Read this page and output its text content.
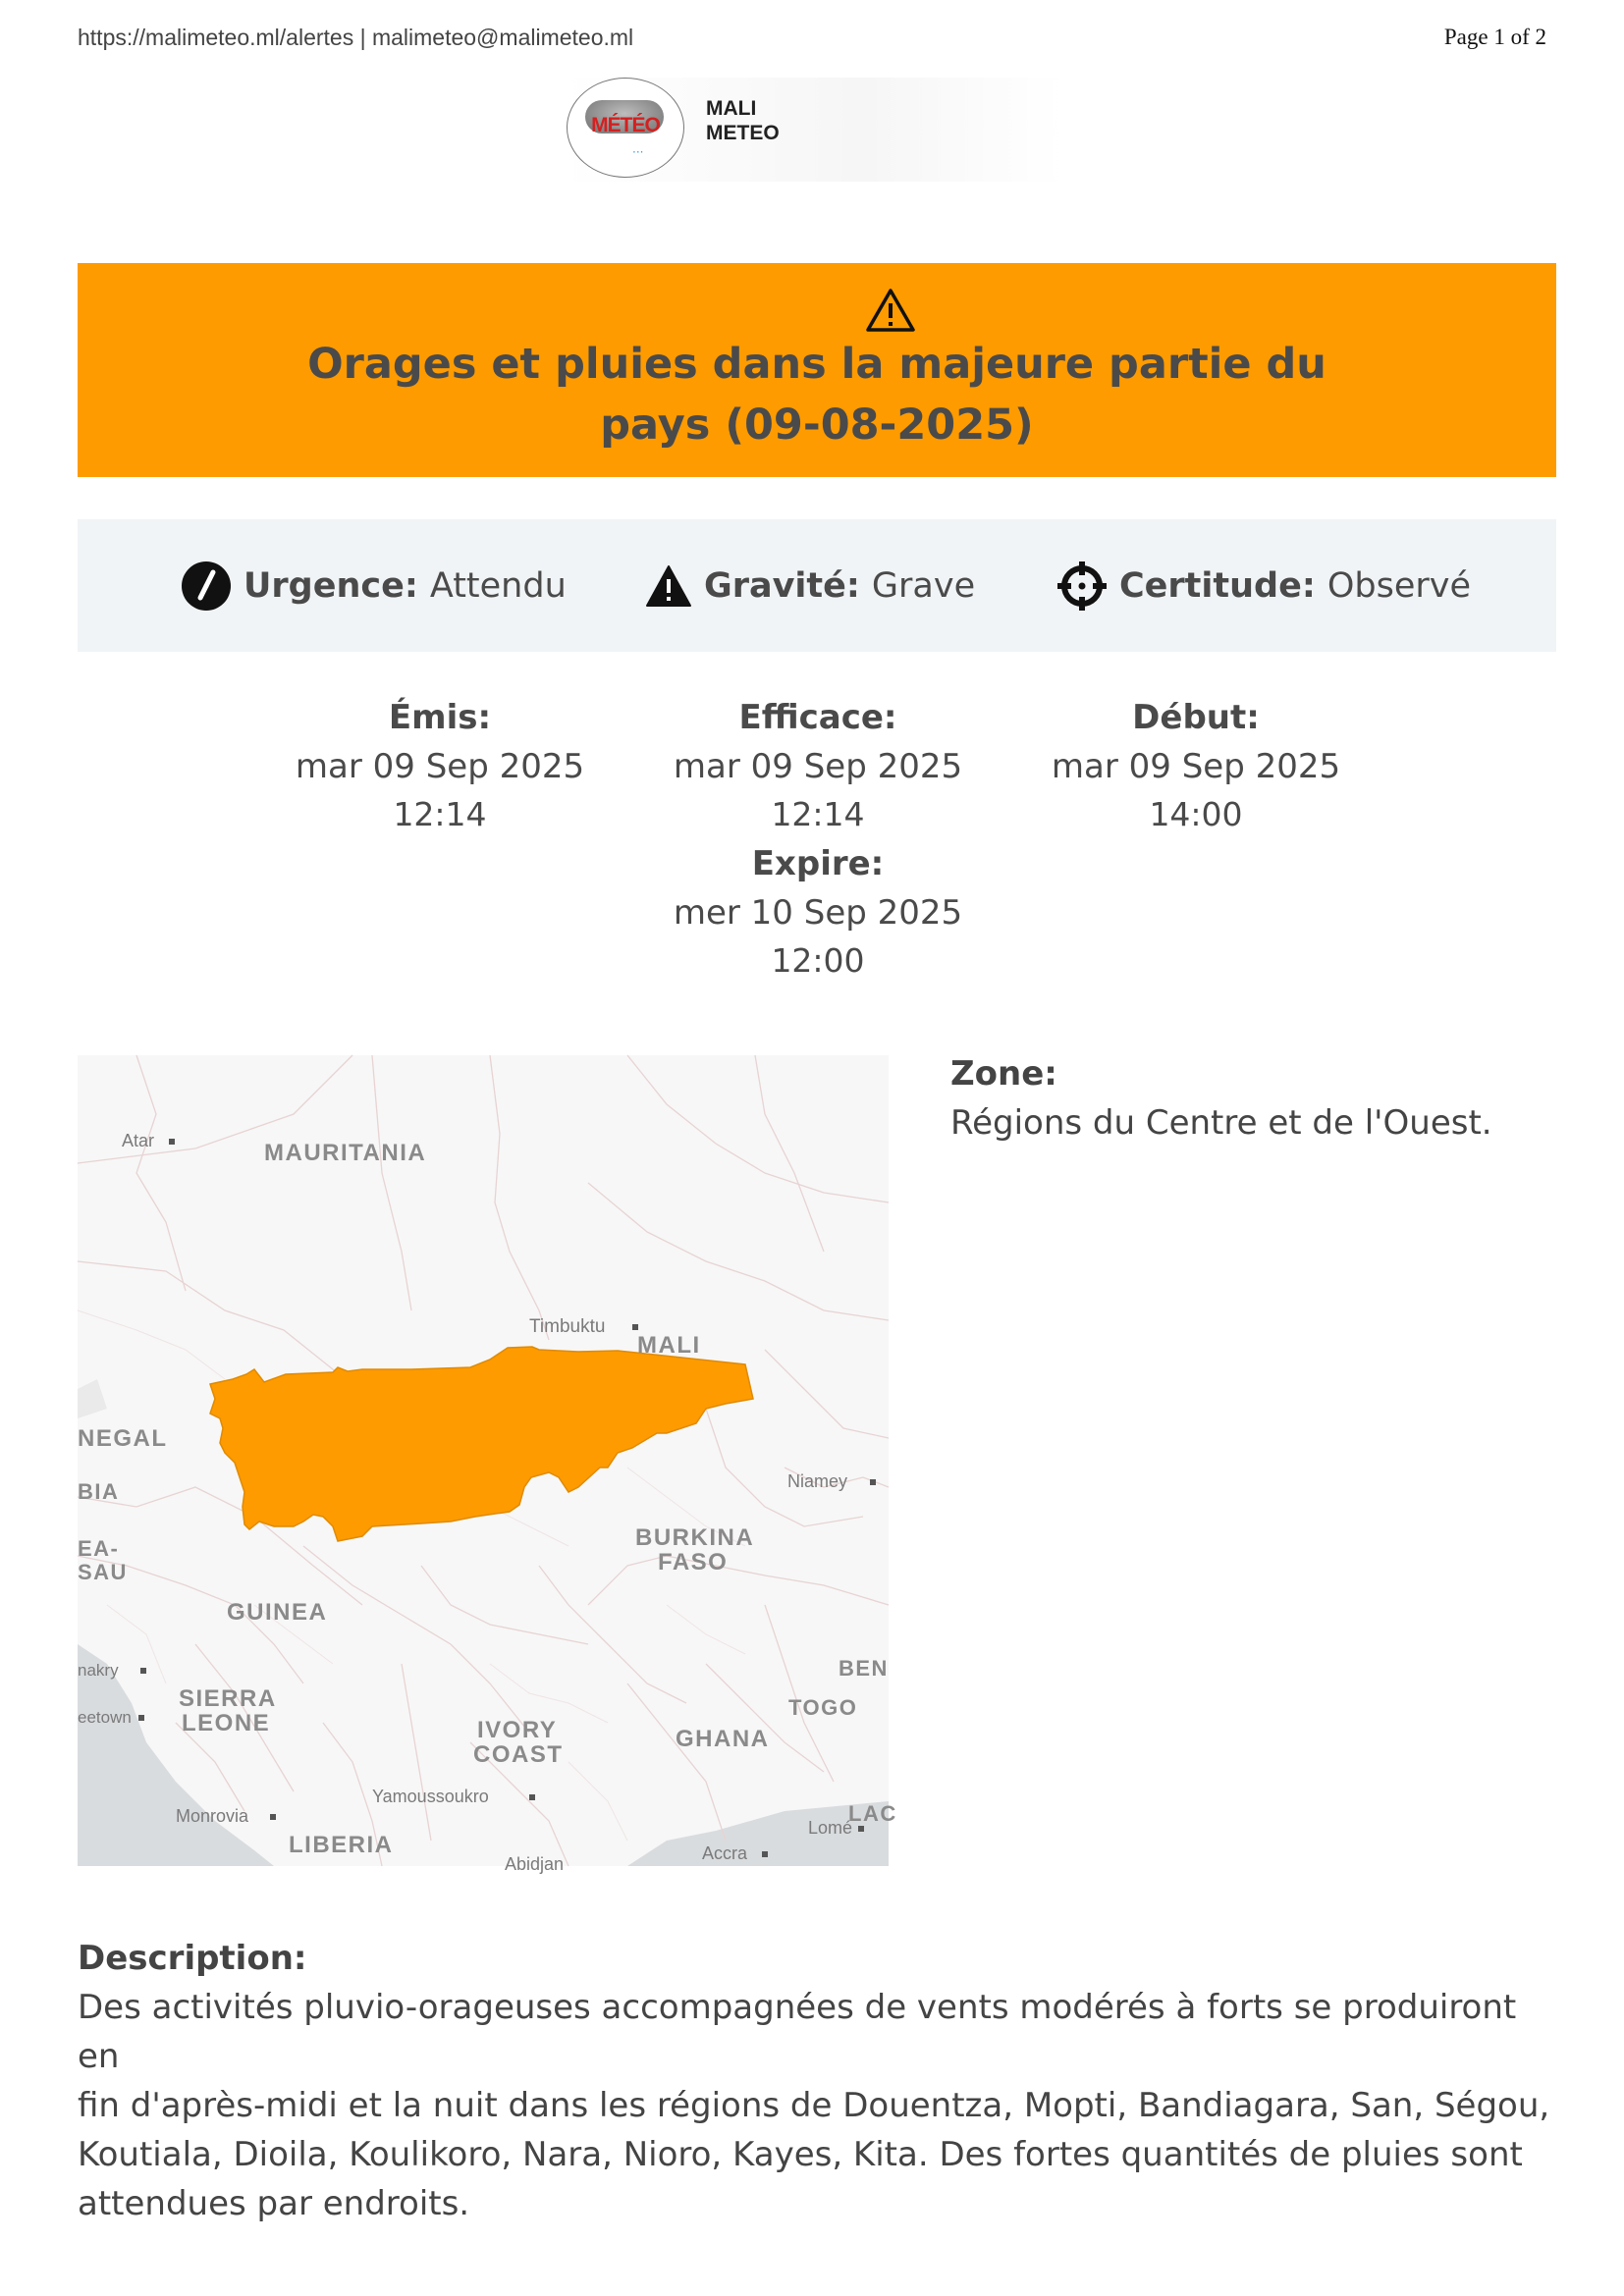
https://malimeteo.ml/alertes | malimeteo@malimeteo.ml	Page 1 of 2
MÉTÉO
⋅⋅⋅
MALI
METEO
Orages et pluies dans la majeure partie du pays (09-08-2025)
Urgence: Attendu	Gravité: Grave	Certitude: Observé
Émis:
mar 09 Sep 2025
12:14
Efficace:
mar 09 Sep 2025
12:14
Début:
mar 09 Sep 2025
14:00
Expire:
mer 10 Sep 2025
12:00
MAURITANIA
MALI
NEGAL
GUINEA
BURKINA
FASO
SIERRA
LEONE	IVORY
COAST
GHANA
TOGO
BEN
LIBERIA
EA-
SAU
BIA
LAC
Atar
Timbuktu
Niamey
nakry
eetown
Monrovia
Yamoussoukro
Abidjan
Accra
Lomé
Zone:
Régions du Centre et de l'Ouest.
Description:
Des activités pluvio-orageuses accompagnées de vents modérés à forts se produiront en
fin d'après-midi et la nuit dans les régions de Douentza, Mopti, Bandiagara, San, Ségou,
Koutiala, Dioila, Koulikoro, Nara, Nioro, Kayes, Kita. Des fortes quantités de pluies sont
attendues par endroits.
